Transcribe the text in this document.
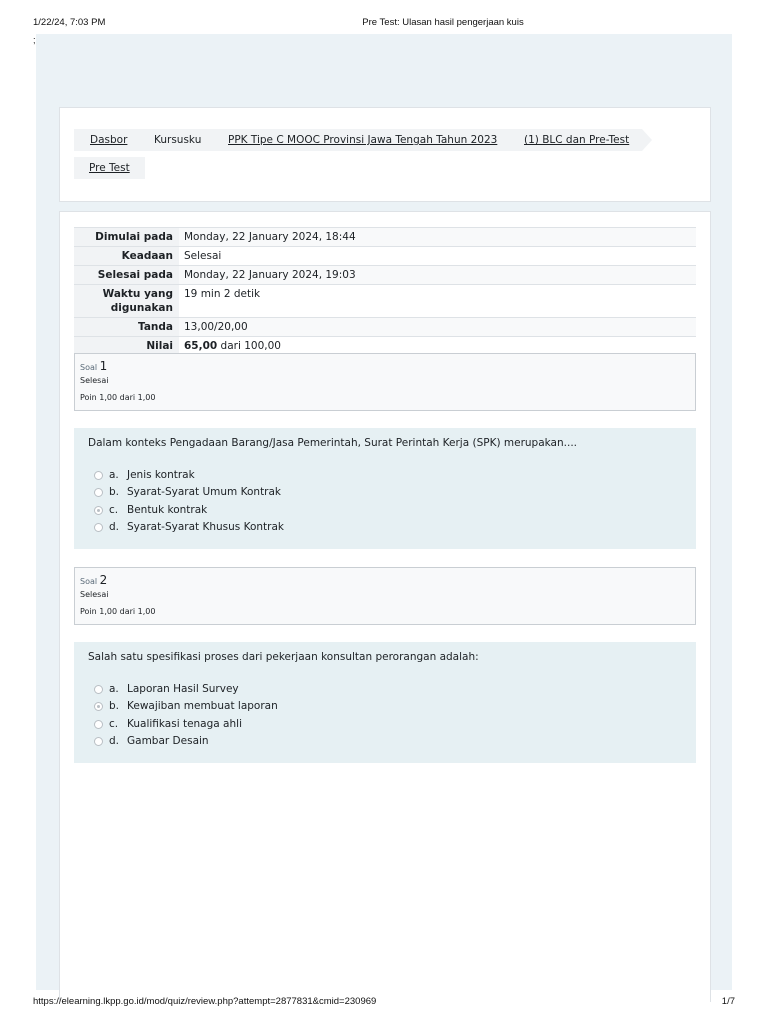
1/22/24, 7:03 PM	Pre Test: Ulasan hasil pengerjaan kuis
;
Dasbor	Kursusku	PPK Tipe C MOOC Provinsi Jawa Tengah Tahun 2023	(1) BLC dan Pre-Test
Pre Test
Dimulai pada	Monday, 22 January 2024, 18:44
Keadaan	Selesai
Selesai pada	Monday, 22 January 2024, 19:03
Waktu yang
digunakan	19 min 2 detik
Tanda	13,00/20,00
Nilai	65,00 dari 100,00
Soal 1
Selesai
Poin 1,00 dari 1,00
Dalam konteks Pengadaan Barang/Jasa Pemerintah, Surat Perintah Kerja (SPK) merupakan....
a. Jenis kontrak
b. Syarat-Syarat Umum Kontrak
c. Bentuk kontrak
d. Syarat-Syarat Khusus Kontrak
Soal 2
Selesai
Poin 1,00 dari 1,00
Salah satu spesifikasi proses dari pekerjaan konsultan perorangan adalah:
a. Laporan Hasil Survey
b. Kewajiban membuat laporan
c. Kualifikasi tenaga ahli
d. Gambar Desain
https://elearning.lkpp.go.id/mod/quiz/review.php?attempt=2877831&cmid=230969	1/7
